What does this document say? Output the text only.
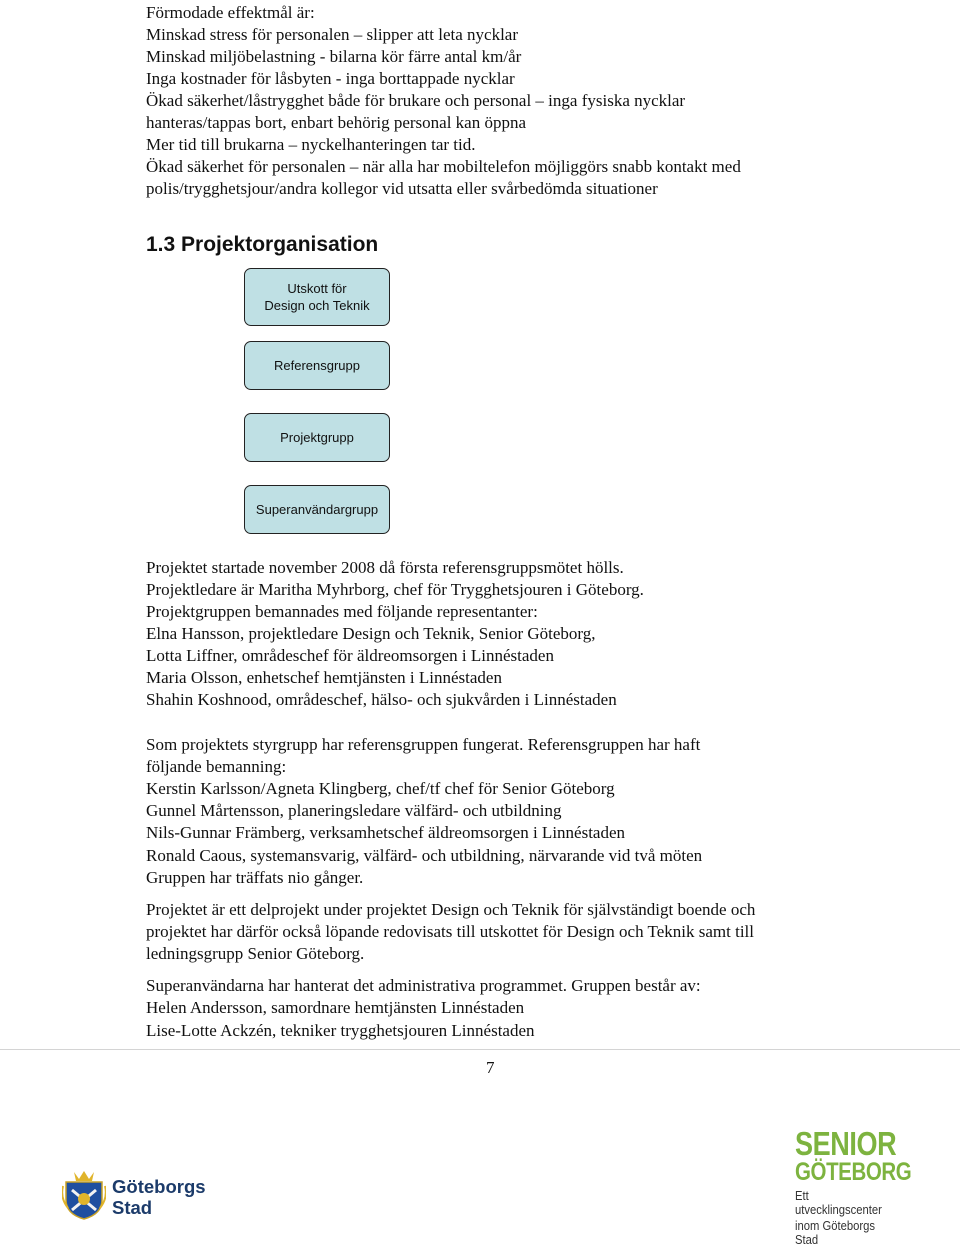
Förmodade effektmål är:

Minskad stress för personalen – slipper att leta nycklar

Minskad miljöbelastning - bilarna kör färre antal km/år

Inga kostnader för låsbyten - inga borttappade nycklar

Ökad säkerhet/låstrygghet både för brukare och personal – inga fysiska nycklar

hanteras/tappas bort, enbart behörig personal kan öppna

Mer tid till brukarna – nyckelhanteringen tar tid.

Ökad säkerhet för personalen – när alla har mobiltelefon möjliggörs snabb kontakt med

polis/trygghetsjour/andra kollegor vid utsatta eller svårbedömda situationer

1.3 Projektorganisation
Utskott för
Design och Teknik
Referensgrupp
Projektgrupp
Superanvändargrupp

Projektet startade november 2008 då första referensgruppsmötet hölls.

Projektledare är Maritha Myhrborg, chef för Trygghetsjouren i Göteborg.

Projektgruppen bemannades med följande representanter:

Elna Hansson, projektledare Design och Teknik, Senior Göteborg,

Lotta Liffner, områdeschef för äldreomsorgen i Linnéstaden

Maria Olsson, enhetschef hemtjänsten i Linnéstaden

Shahin Koshnood, områdeschef, hälso- och sjukvården i Linnéstaden

Som projektets styrgrupp har referensgruppen fungerat. Referensgruppen har haft

följande bemanning:

Kerstin Karlsson/Agneta Klingberg, chef/tf chef för Senior Göteborg

Gunnel Mårtensson, planeringsledare välfärd- och utbildning

Nils-Gunnar Främberg, verksamhetschef äldreomsorgen i Linnéstaden

Ronald Caous, systemansvarig, välfärd- och utbildning, närvarande vid två möten

Gruppen har träffats nio gånger.

Projektet är ett delprojekt under projektet Design och Teknik för självständigt boende och

projektet har därför också löpande redovisats till utskottet för Design och Teknik samt till

ledningsgrupp Senior Göteborg.

Superanvändarna har hanterat det administrativa programmet. Gruppen består av:

Helen Andersson, samordnare hemtjänsten Linnéstaden

Lise-Lotte Ackzén, tekniker trygghetsjouren Linnéstaden

7

Göteborgs
Stad
SENIOR
GÖTEBORG
Ett utvecklingscenter
inom Göteborgs Stad
